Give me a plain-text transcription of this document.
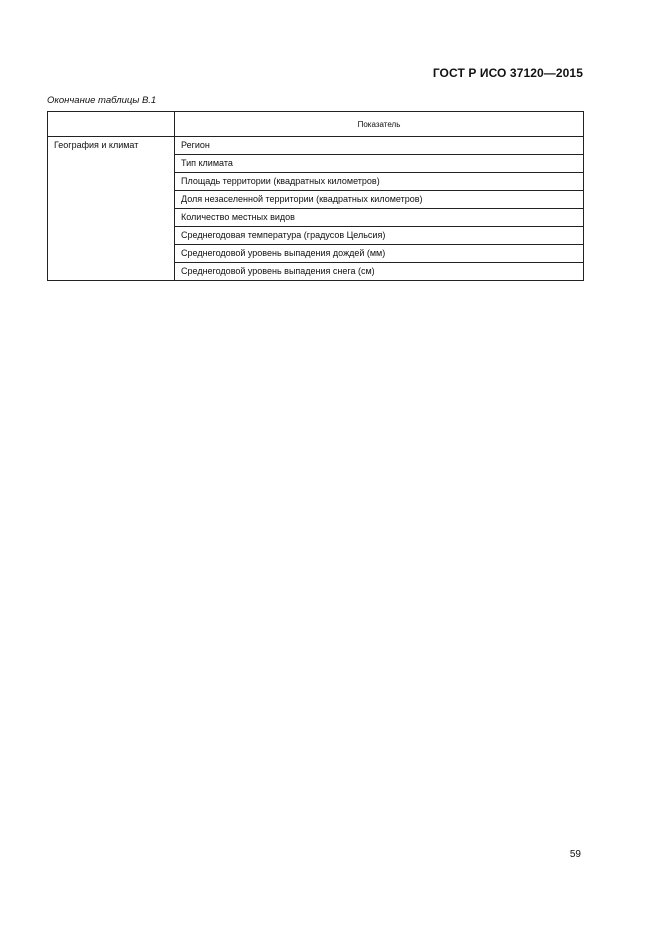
ГОСТ Р ИСО 37120—2015
Окончание таблицы В.1
	Показатель
География и климат	Регион
	Тип климата
	Площадь территории (квадратных километров)
	Доля незаселенной территории (квадратных километров)
	Количество местных видов
	Среднегодовая температура (градусов Цельсия)
	Среднегодовой уровень выпадения дождей (мм)
	Среднегодовой уровень выпадения снега (см)
59
